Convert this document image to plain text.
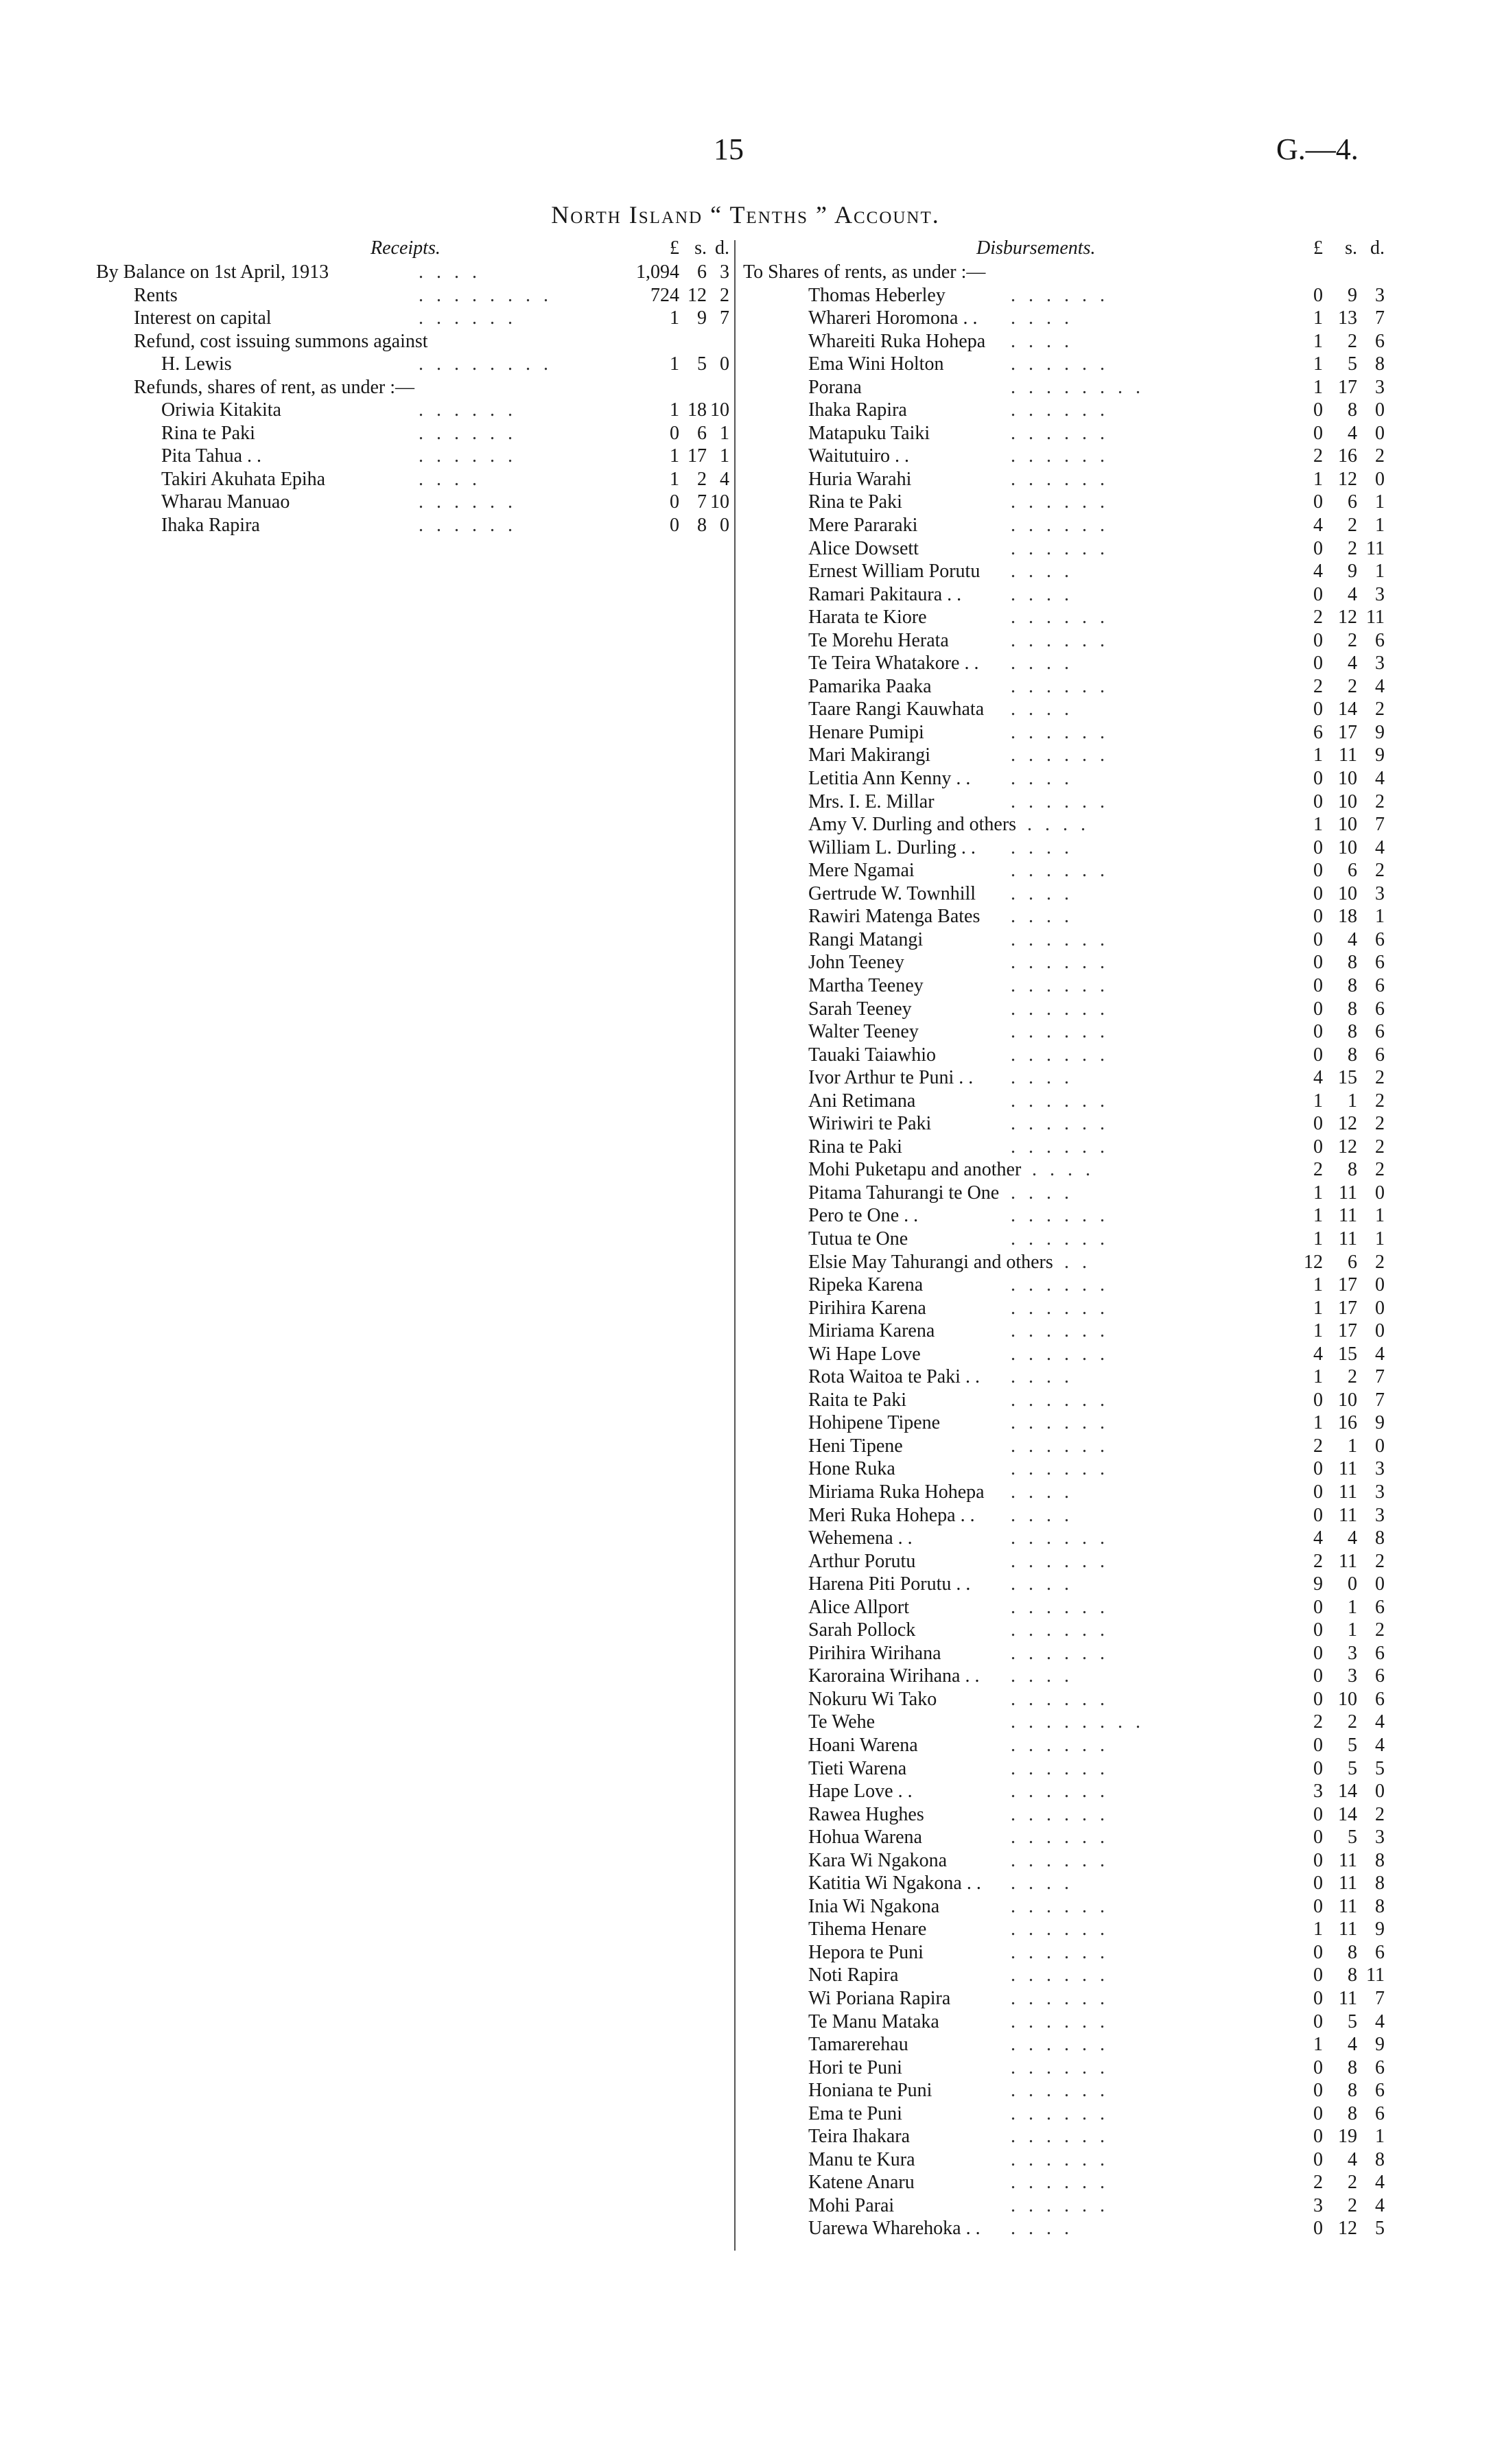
15	G.—4.
North Island “ Tenths ” Account.
Receipts.	£ s. d.
By Balance on 1st April, 1913	. . . .	1,094 6 3
Rents	. . . . . . . .	724 12 2
Interest on capital	. . . . . .	1 9 7
Refund, cost issuing summons against
H. Lewis	. . . . . . . .	1 5 0
Refunds, shares of rent, as under :—
Oriwia Kitakita	. . . . . .	1 18 10
Rina te Paki	. . . . . .	0 6 1
Pita Tahua . .	. . . . . .	1 17 1
Takiri Akuhata Epiha	. . . .	1 2 4
Wharau Manuao	. . . . . .	0 7 10
Ihaka Rapira	. . . . . .	0 8 0
Disbursements.	£	s. d.
To Shares of rents, as under :—
Thomas Heberley	. . . . . .	0	9 3
Whareri Horomona . . . . . .	1 13 7
Whareiti Ruka Hohepa . . . .	1	2 6
Ema Wini Holton	. . . . . .	1	5 8
Porana	. . . . . . . .	1 17 3
Ihaka Rapira	. . . . . .	0	8 0
Matapuku Taiki	. . . . . .	0	4 0
Waitutuiro . .	. . . . . .	2 16 2
Huria Warahi	. . . . . .	1 12 0
Rina te Paki	. . . . . .	0	6 1
Mere Pararaki	. . . . . .	4	2 1
Alice Dowsett	. . . . . .	0	2 11
Ernest William Porutu . . . .	4	9 1
Ramari Pakitaura . .	. . . .	0	4 3
Harata te Kiore	. . . . . .	2 12 11
Te Morehu Herata	. . . . . .	0	2 6
Te Teira Whatakore . . . . . .	0	4 3
Pamarika Paaka	. . . . . .	2	2 4
Taare Rangi Kauwhata . . . .	0 14 2
Henare Pumipi	. . . . . .	6 17 9
Mari Makirangi	. . . . . .	1 11 9
Letitia Ann Kenny . . . . . .	0 10 4
Mrs. I. E. Millar	. . . . . .	0 10 2
Amy V. Durling and others . . . .	1 10 7
William L. Durling . . . . . .	0 10 4
Mere Ngamai	. . . . . .	0	6 2
Gertrude W. Townhill . . . .	0 10 3
Rawiri Matenga Bates . . . .	0 18 1
Rangi Matangi	. . . . . .	0	4 6
John Teeney	. . . . . .	0	8 6
Martha Teeney	. . . . . .	0	8 6
Sarah Teeney	. . . . . .	0	8 6
Walter Teeney	. . . . . .	0	8 6
Tauaki Taiawhio	. . . . . .	0	8 6
Ivor Arthur te Puni . . . . . .	4 15 2
Ani Retimana	. . . . . .	1	1 2
Wiriwiri te Paki	. . . . . .	0 12 2
Rina te Paki	. . . . . .	0 12 2
Mohi Puketapu and another . . . .	2	8 2
Pitama Tahurangi te One . . . .	1 11 0
Pero te One . .	. . . . . .	1 11 1
Tutua te One	. . . . . .	1 11 1
Elsie May Tahurangi and others . .	12	6 2
Ripeka Karena	. . . . . .	1 17 0
Pirihira Karena	. . . . . .	1 17 0
Miriama Karena	. . . . . .	1 17 0
Wi Hape Love	. . . . . .	4 15 4
Rota Waitoa te Paki . . . . . .	1	2 7
Raita te Paki	. . . . . .	0 10 7
Hohipene Tipene	. . . . . .	1 16 9
Heni Tipene	. . . . . .	2	1 0
Hone Ruka	. . . . . .	0 11 3
Miriama Ruka Hohepa . . . .	0 11 3
Meri Ruka Hohepa . . . . . .	0 11 3
Wehemena . .	. . . . . .	4	4 8
Arthur Porutu	. . . . . .	2 11 2
Harena Piti Porutu . . . . . .	9	0 0
Alice Allport	. . . . . .	0	1 6
Sarah Pollock	. . . . . .	0	1 2
Pirihira Wirihana	. . . . . .	0	3 6
Karoraina Wirihana . . . . . .	0	3 6
Nokuru Wi Tako	. . . . . .	0 10 6
Te Wehe	. . . . . . . .	2	2 4
Hoani Warena	. . . . . .	0	5 4
Tieti Warena	. . . . . .	0	5 5
Hape Love . .	. . . . . .	3 14 0
Rawea Hughes	. . . . . .	0 14 2
Hohua Warena	. . . . . .	0	5 3
Kara Wi Ngakona	. . . . . .	0 11 8
Katitia Wi Ngakona . . . . . .	0 11 8
Inia Wi Ngakona	. . . . . .	0 11 8
Tihema Henare	. . . . . .	1 11 9
Hepora te Puni	. . . . . .	0	8 6
Noti Rapira	. . . . . .	0	8 11
Wi Poriana Rapira	. . . . . .	0 11 7
Te Manu Mataka	. . . . . .	0	5 4
Tamarerehau	. . . . . .	1	4 9
Hori te Puni	. . . . . .	0	8 6
Honiana te Puni	. . . . . .	0	8 6
Ema te Puni	. . . . . .	0	8 6
Teira Ihakara	. . . . . .	0 19 1
Manu te Kura	. . . . . .	0	4 8
Katene Anaru	. . . . . .	2	2 4
Mohi Parai	. . . . . .	3	2 4
Uarewa Wharehoka . . . . . .	0 12 5
